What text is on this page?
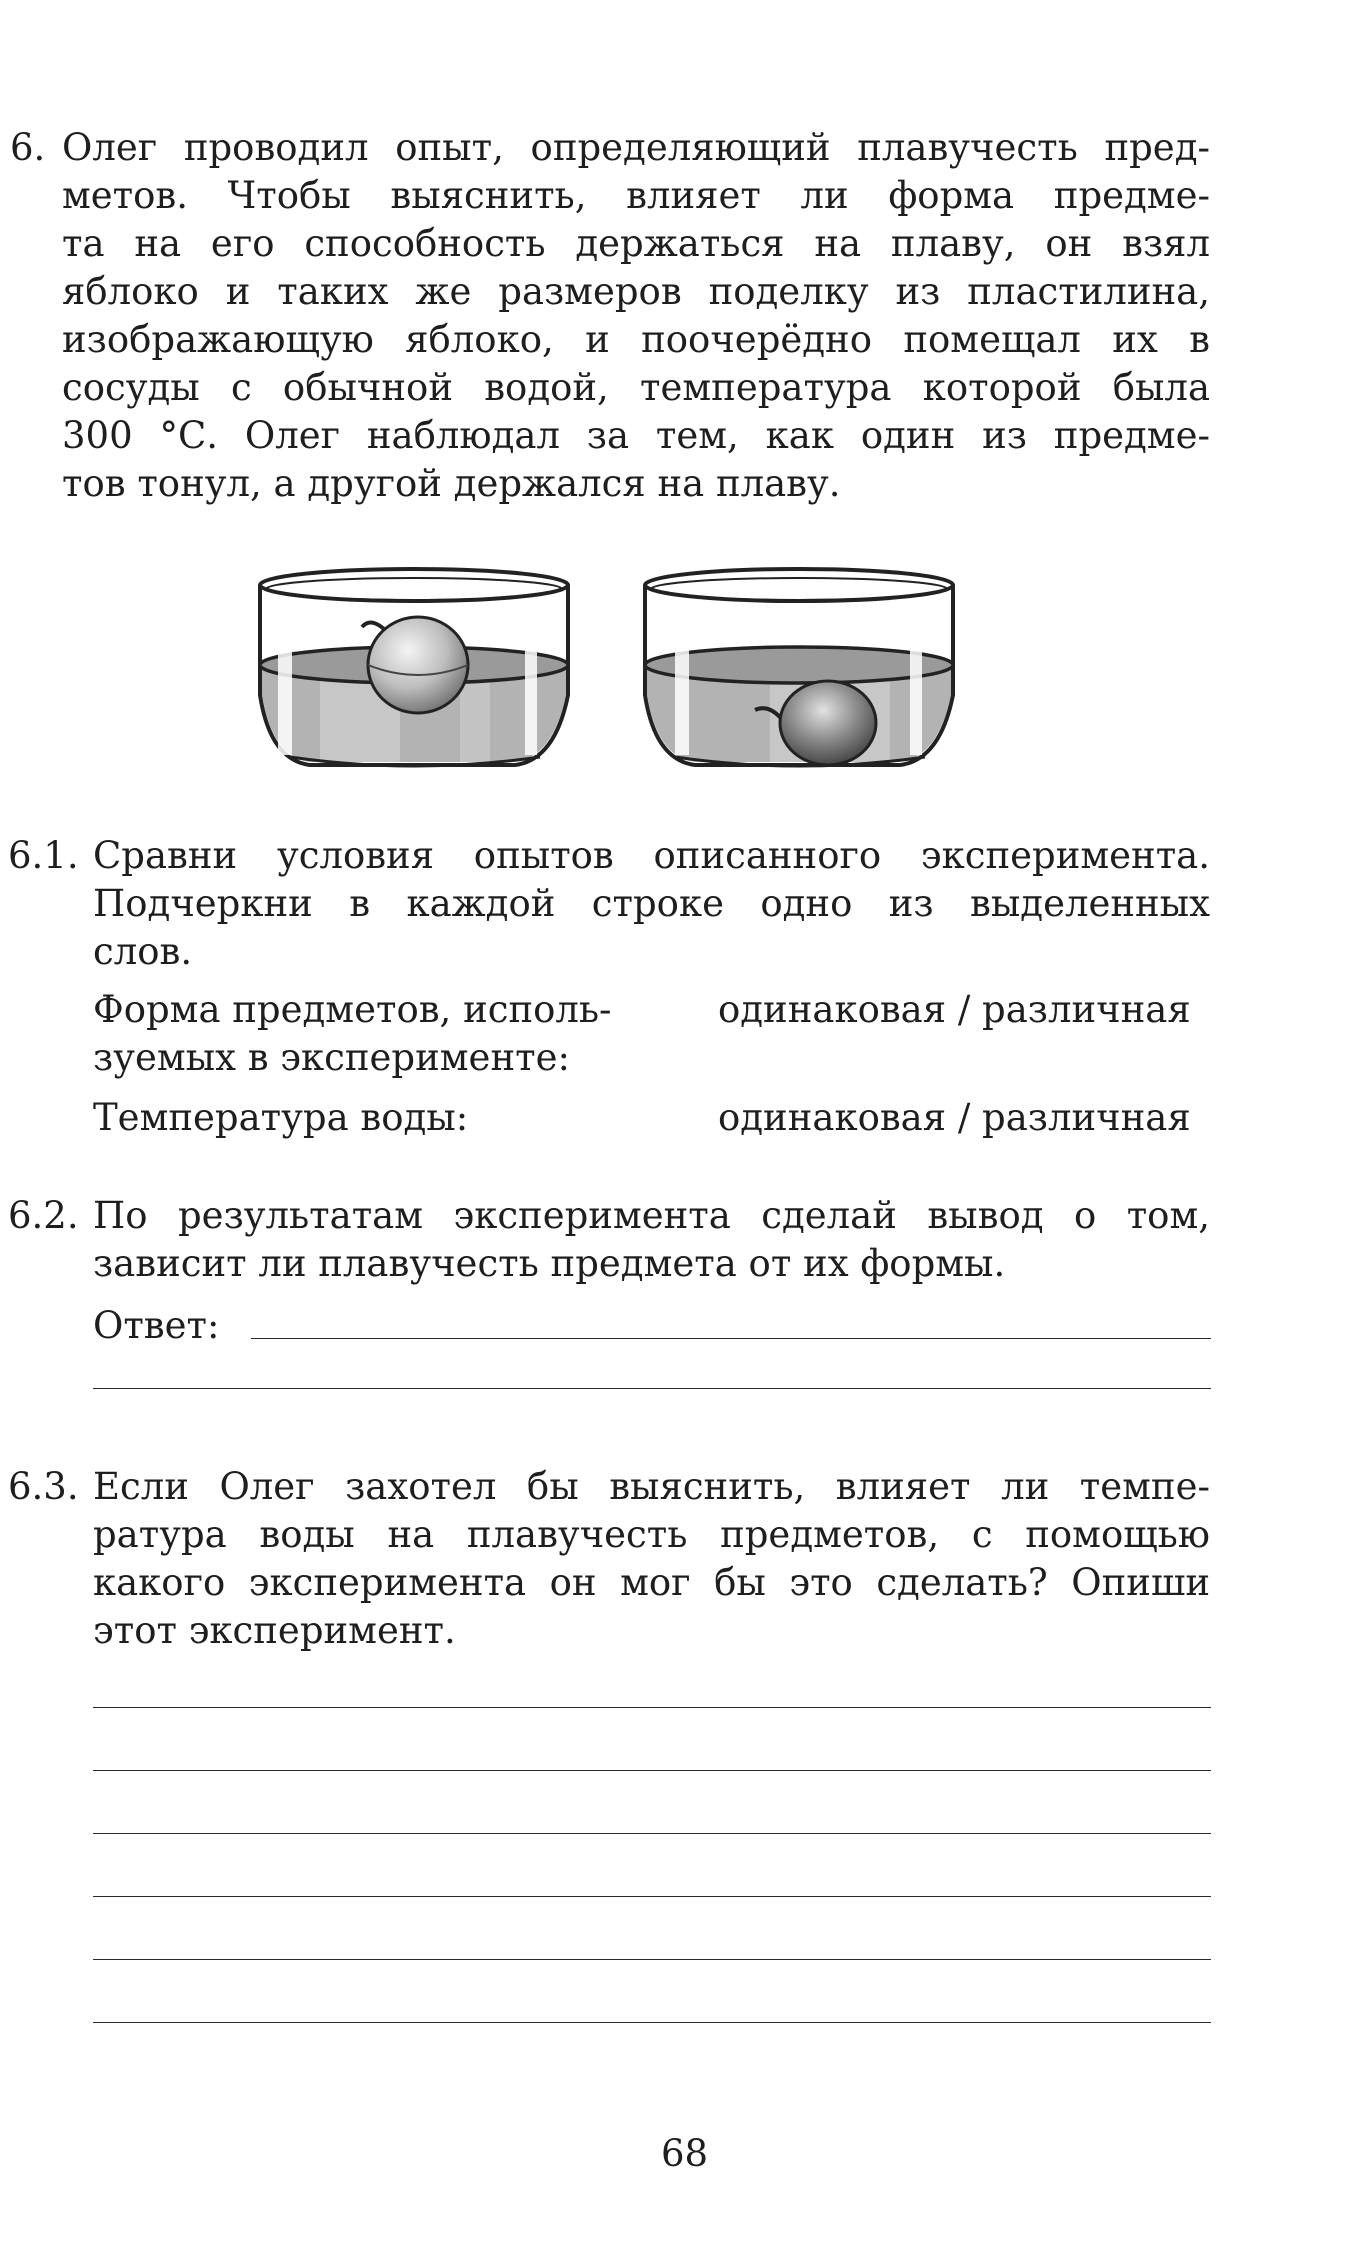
6. Олег проводил опыт, определяющий плавучесть пред-
метов. Чтобы выяснить, влияет ли форма предме-
та на его способность держаться на плаву, он взял
яблоко и таких же размеров поделку из пластилина,
изображающую яблоко, и поочерёдно помещал их в
сосуды с обычной водой, температура которой была
300 °С. Олег наблюдал за тем, как один из предме-
тов тонул, а другой держался на плаву.
6.1. Сравни условия опытов описанного эксперимента.
Подчеркни в каждой строке одно из выделенных
слов.
Форма предметов, исполь-
зуемых в эксперименте:
одинаковая / различная
Температура воды:	одинаковая / различная
6.2. По результатам эксперимента сделай вывод о том,
зависит ли плавучесть предмета от их формы.
Ответ:
6.3. Если Олег захотел бы выяснить, влияет ли темпе-
ратура воды на плавучесть предметов, с помощью
какого эксперимента он мог бы это сделать? Опиши
этот эксперимент.
68
